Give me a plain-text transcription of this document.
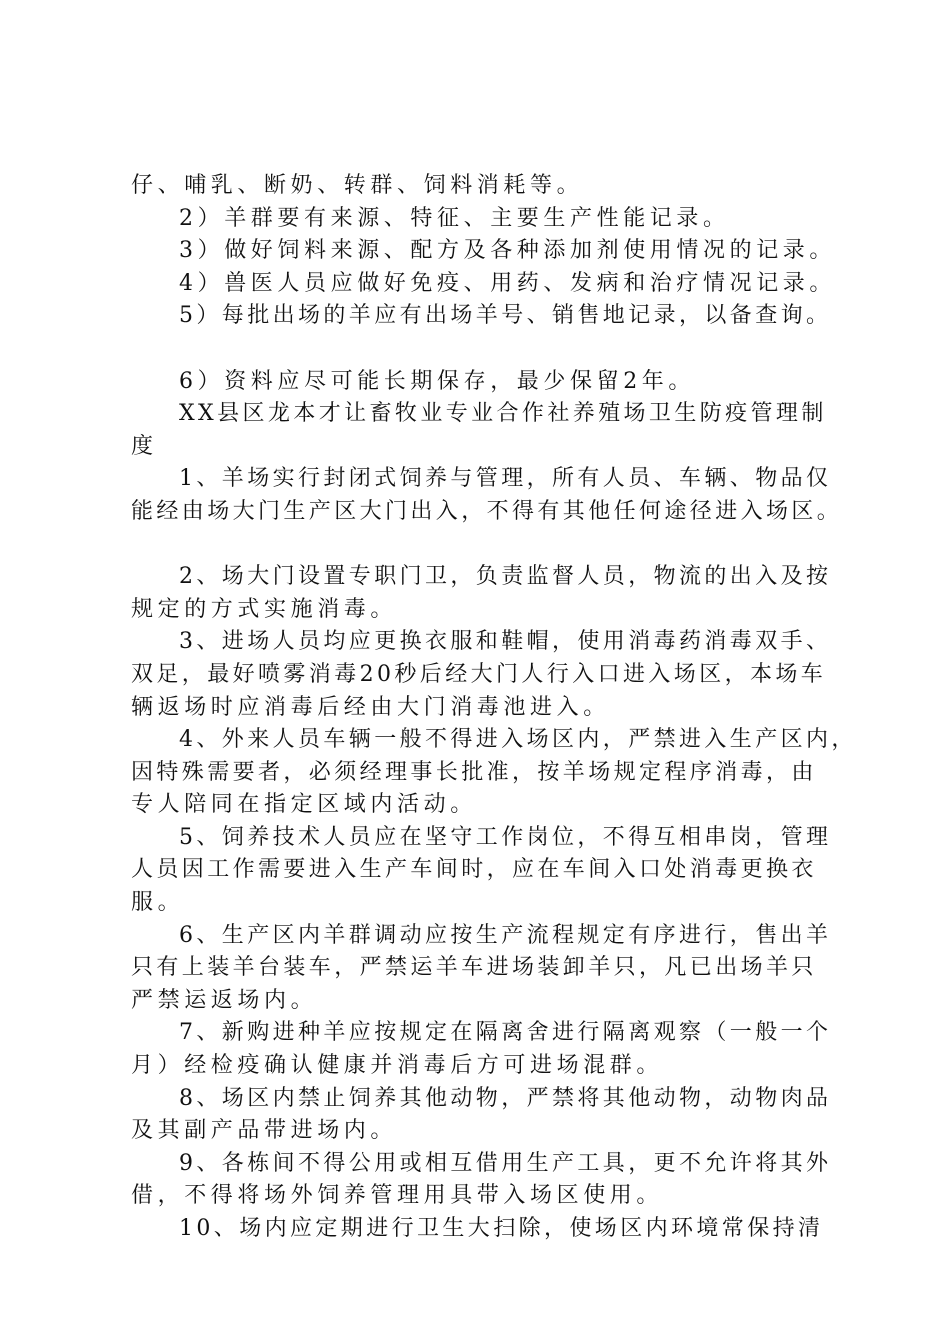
仔、哺乳、断奶、转群、饲料消耗等。

2）羊群要有来源、特征、主要生产性能记录。

3）做好饲料来源、配方及各种添加剂使用情况的记录。

4）兽医人员应做好免疫、用药、发病和治疗情况记录。

5）每批出场的羊应有出场羊号、销售地记录，以备查询。

6）资料应尽可能长期保存，最少保留2年。

XX县区龙本才让畜牧业专业合作社养殖场卫生防疫管理制

度

1、羊场实行封闭式饲养与管理，所有人员、车辆、物品仅

能经由场大门生产区大门出入，不得有其他任何途径进入场区。

2、场大门设置专职门卫，负责监督人员，物流的出入及按

规定的方式实施消毒。

3、进场人员均应更换衣服和鞋帽，使用消毒药消毒双手、

双足，最好喷雾消毒20秒后经大门人行入口进入场区，本场车

辆返场时应消毒后经由大门消毒池进入。

4、外来人员车辆一般不得进入场区内，严禁进入生产区内，

因特殊需要者，必须经理事长批准，按羊场规定程序消毒，由

专人陪同在指定区域内活动。

5、饲养技术人员应在坚守工作岗位，不得互相串岗，管理

人员因工作需要进入生产车间时，应在车间入口处消毒更换衣

服。

6、生产区内羊群调动应按生产流程规定有序进行，售出羊

只有上装羊台装车，严禁运羊车进场装卸羊只，凡已出场羊只

严禁运返场内。

7、新购进种羊应按规定在隔离舍进行隔离观察（一般一个

月）经检疫确认健康并消毒后方可进场混群。

8、场区内禁止饲养其他动物，严禁将其他动物，动物肉品

及其副产品带进场内。

9、各栋间不得公用或相互借用生产工具，更不允许将其外

借，不得将场外饲养管理用具带入场区使用。

10、场内应定期进行卫生大扫除，使场区内环境常保持清
